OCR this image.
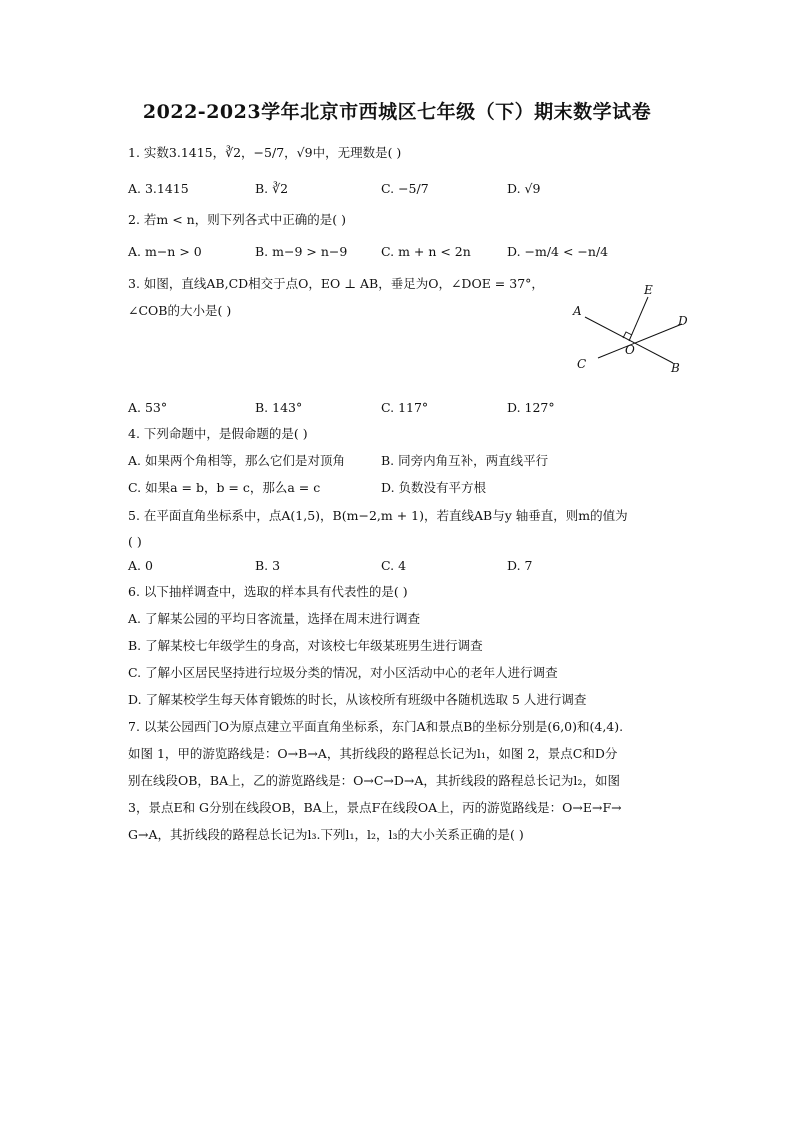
2022-2023学年北京市西城区七年级（下）期末数学试卷
1. 实数3.1415，∛2，−5/7，√9中，无理数是( )
A. 3.1415	B. ∛2	C. −5/7	D. √9
2. 若m < n，则下列各式中正确的是( )
A. m−n > 0	B. m−9 > n−9	C. m + n < 2n	D. −m/4 < −n/4
3. 如图，直线AB,CD相交于点O，EO ⊥ AB，垂足为O，∠DOE = 37°，
∠COB的大小是( )
E
A
D
O
C	B
A. 53°	B. 143°	C. 117°	D. 127°
4. 下列命题中，是假命题的是( )
A. 如果两个角相等，那么它们是对顶角	B. 同旁内角互补，两直线平行
C. 如果a = b，b = c，那么a = c	D. 负数没有平方根
5. 在平面直角坐标系中，点A(1,5)，B(m−2,m + 1)，若直线AB与y 轴垂直，则m的值为
( )
A. 0	B. 3	C. 4	D. 7
6. 以下抽样调查中，选取的样本具有代表性的是( )
A. 了解某公园的平均日客流量，选择在周末进行调查
B. 了解某校七年级学生的身高，对该校七年级某班男生进行调查
C. 了解小区居民坚持进行垃圾分类的情况，对小区活动中心的老年人进行调查
D. 了解某校学生每天体育锻炼的时长，从该校所有班级中各随机选取 5 人进行调查
7. 以某公园西门O为原点建立平面直角坐标系，东门A和景点B的坐标分别是(6,0)和(4,4).
如图 1，甲的游览路线是：O→B→A，其折线段的路程总长记为l₁，如图 2，景点C和D分
别在线段OB，BA上，乙的游览路线是：O→C→D→A，其折线段的路程总长记为l₂，如图
3，景点E和 G分别在线段OB，BA上，景点F在线段OA上，丙的游览路线是：O→E→F→
G→A，其折线段的路程总长记为l₃.下列l₁，l₂，l₃的大小关系正确的是( )
